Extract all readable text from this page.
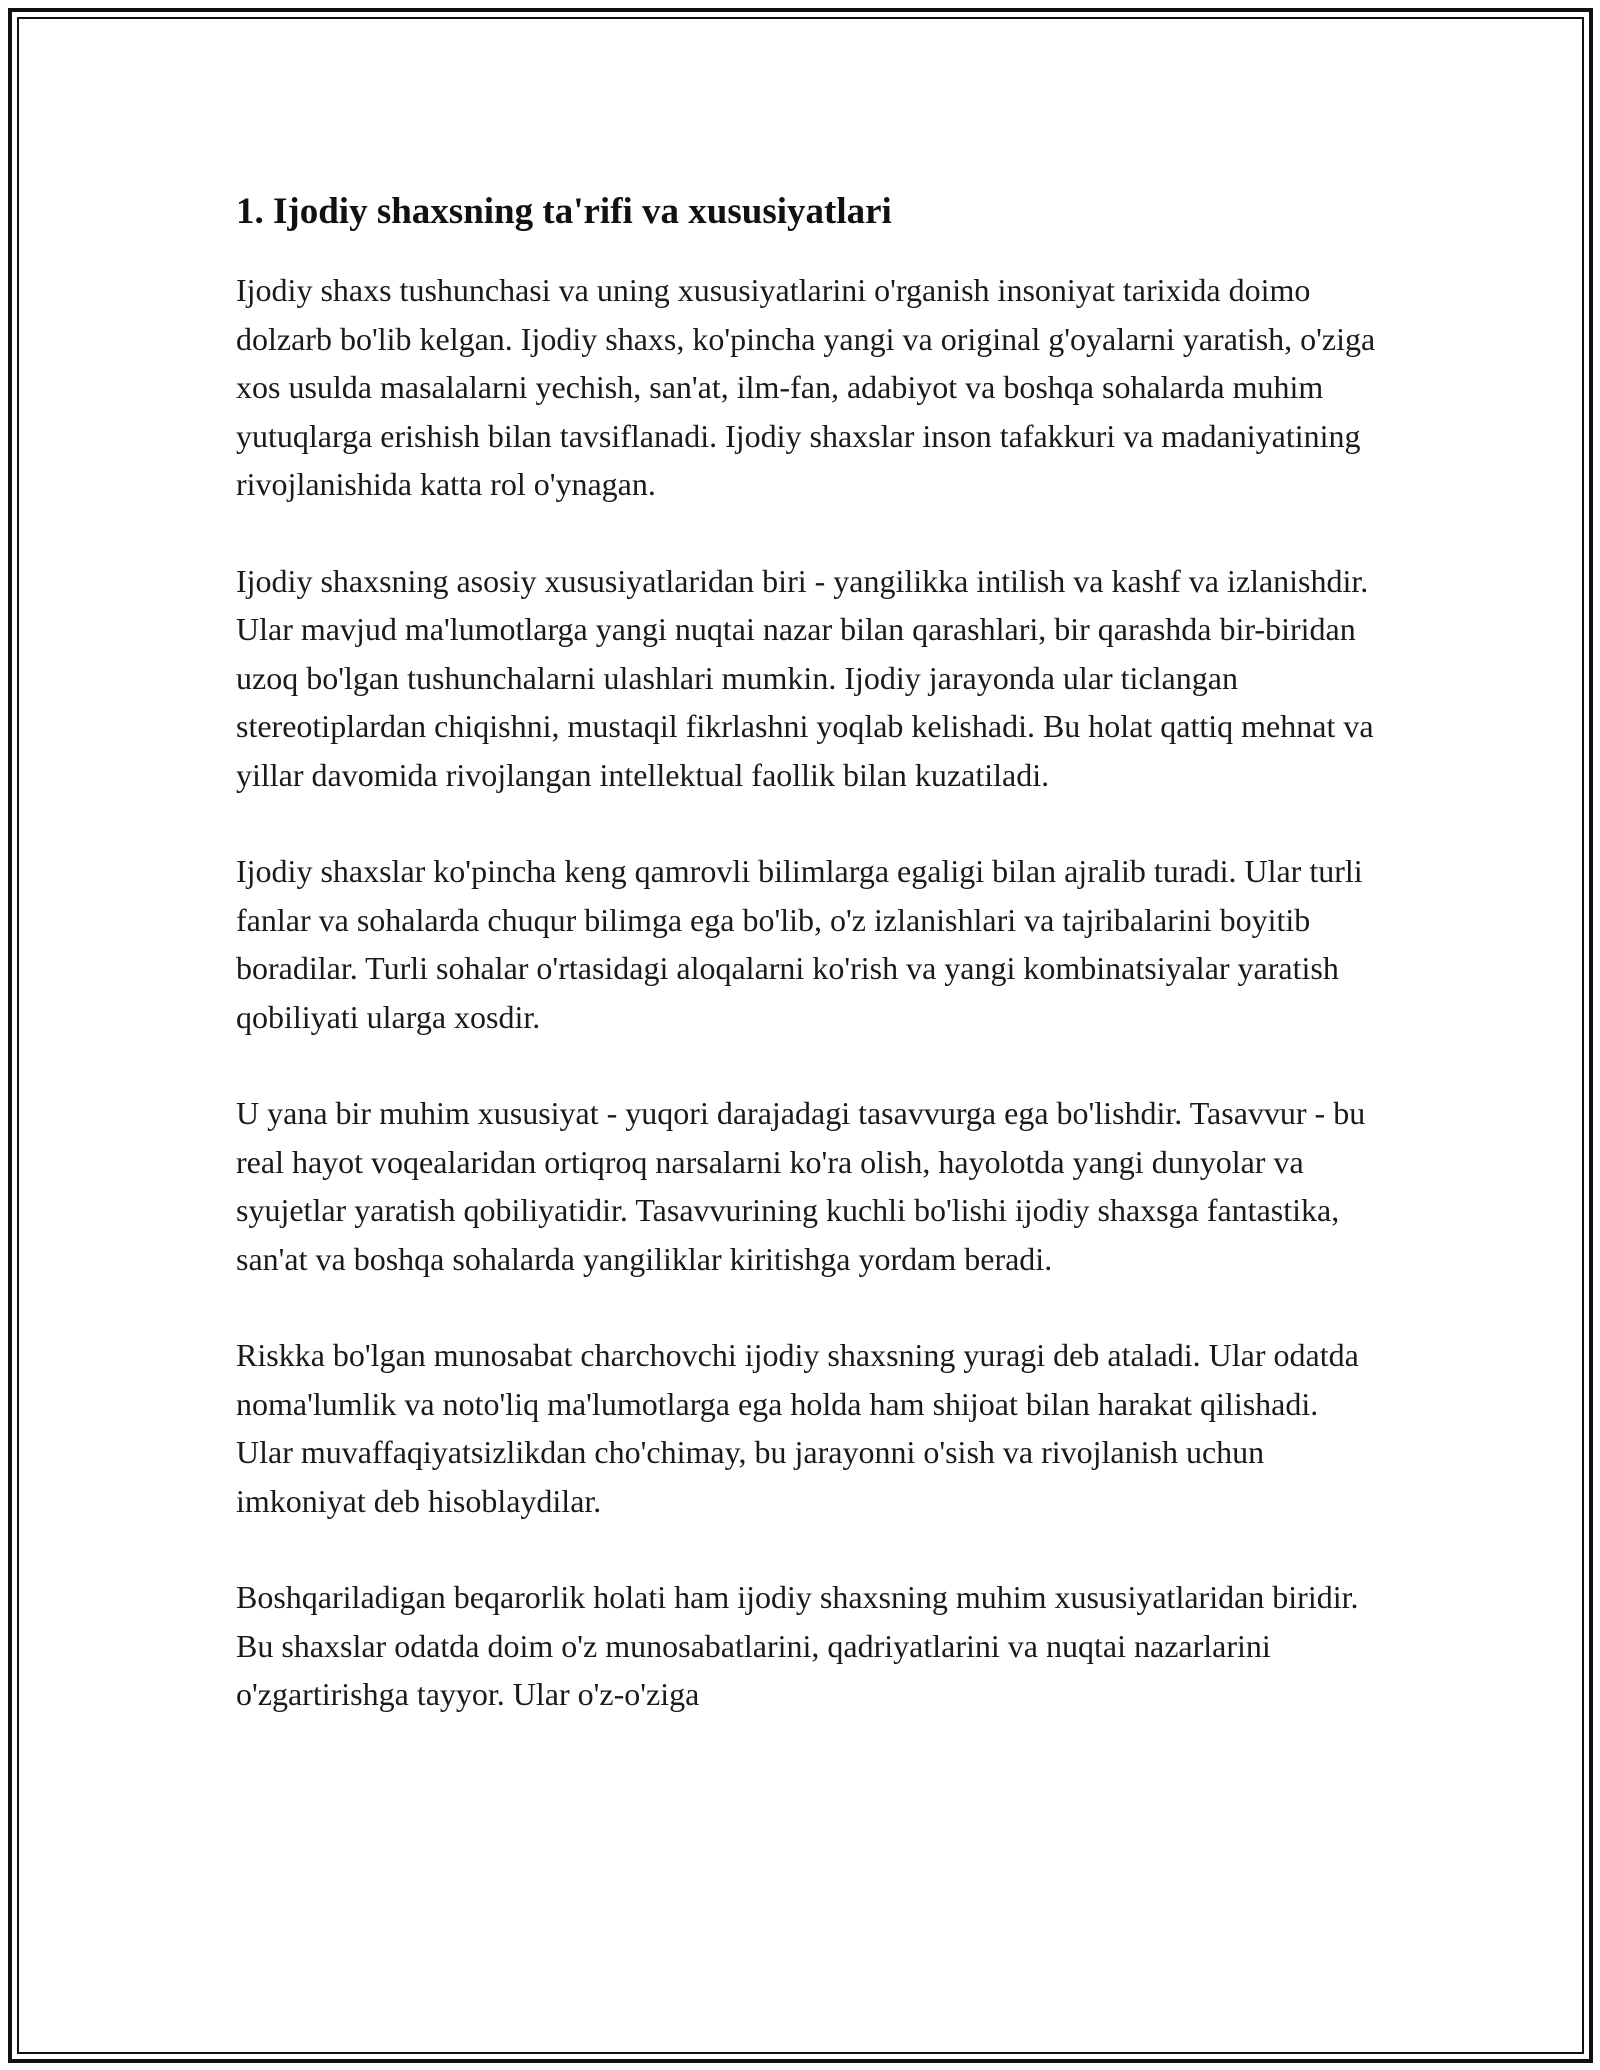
1. Ijodiy shaxsning ta'rifi va xususiyatlari

Ijodiy shaxs tushunchasi va uning xususiyatlarini o'rganish insoniyat tarixida doimo dolzarb bo'lib kelgan. Ijodiy shaxs, ko'pincha yangi va original g'oyalarni yaratish, o'ziga xos usulda masalalarni yechish, san'at, ilm-fan, adabiyot va boshqa sohalarda muhim yutuqlarga erishish bilan tavsiflanadi. Ijodiy shaxslar inson tafakkuri va madaniyatining rivojlanishida katta rol o'ynagan.

Ijodiy shaxsning asosiy xususiyatlaridan biri - yangilikka intilish va kashf va izlanishdir. Ular mavjud ma'lumotlarga yangi nuqtai nazar bilan qarashlari, bir qarashda bir-biridan uzoq bo'lgan tushunchalarni ulashlari mumkin. Ijodiy jarayonda ular ticlangan stereotiplardan chiqishni, mustaqil fikrlashni yoqlab kelishadi. Bu holat qattiq mehnat va yillar davomida rivojlangan intellektual faollik bilan kuzatiladi.

Ijodiy shaxslar ko'pincha keng qamrovli bilimlarga egaligi bilan ajralib turadi. Ular turli fanlar va sohalarda chuqur bilimga ega bo'lib, o'z izlanishlari va tajribalarini boyitib boradilar. Turli sohalar o'rtasidagi aloqalarni ko'rish va yangi kombinatsiyalar yaratish qobiliyati ularga xosdir.

U yana bir muhim xususiyat - yuqori darajadagi tasavvurga ega bo'lishdir. Tasavvur - bu real hayot voqealaridan ortiqroq narsalarni ko'ra olish, hayolotda yangi dunyolar va syujetlar yaratish qobiliyatidir. Tasavvurining kuchli bo'lishi ijodiy shaxsga fantastika, san'at va boshqa sohalarda yangiliklar kiritishga yordam beradi.

Riskka bo'lgan munosabat charchovchi ijodiy shaxsning yuragi deb ataladi. Ular odatda noma'lumlik va noto'liq ma'lumotlarga ega holda ham shijoat bilan harakat qilishadi. Ular muvaffaqiyatsizlikdan cho'chimay, bu jarayonni o'sish va rivojlanish uchun imkoniyat deb hisoblaydilar.

Boshqariladigan beqarorlik holati ham ijodiy shaxsning muhim xususiyatlaridan biridir. Bu shaxslar odatda doim o'z munosabatlarini, qadriyatlarini va nuqtai nazarlarini o'zgartirishga tayyor. Ular o'z-o'ziga
